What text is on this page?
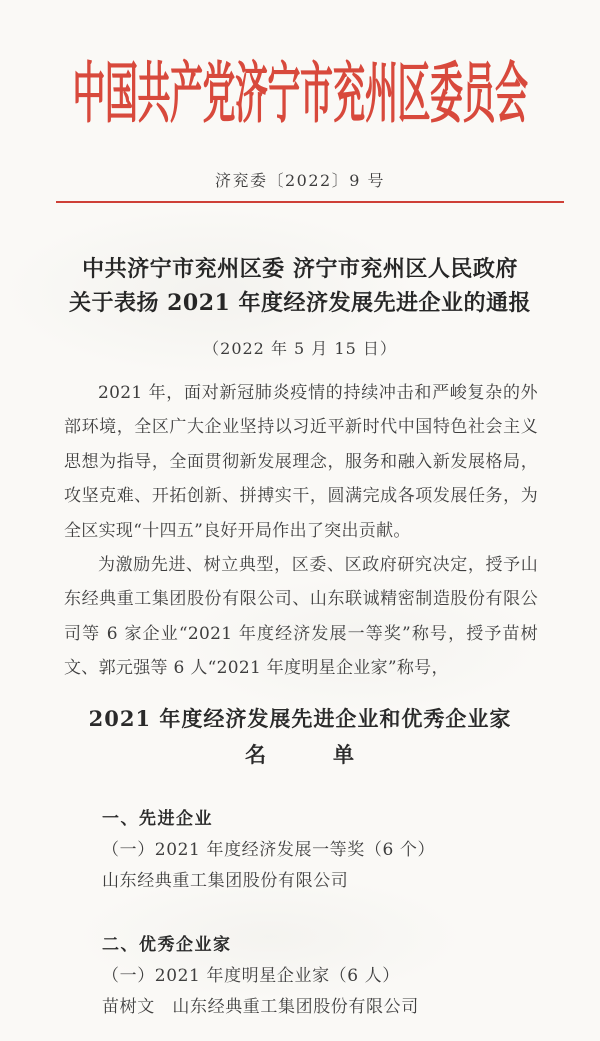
中国共产党济宁市兖州区委员会
济兖委〔2022〕9 号
中共济宁市兖州区委 济宁市兖州区人民政府
关于表扬 2021 年度经济发展先进企业的通报
（2022 年 5 月 15 日）

2021 年，面对新冠肺炎疫情的持续冲击和严峻复杂的外部环境，全区广大企业坚持以习近平新时代中国特色社会主义思想为指导，全面贯彻新发展理念，服务和融入新发展格局，攻坚克难、开拓创新、拼搏实干，圆满完成各项发展任务，为全区实现“十四五”良好开局作出了突出贡献。

为激励先进、树立典型，区委、区政府研究决定，授予山东经典重工集团股份有限公司、山东联诚精密制造股份有限公司等 6 家企业“2021 年度经济发展一等奖”称号，授予苗树文、郭元强等 6 人“2021 年度明星企业家”称号，

2021 年度经济发展先进企业和优秀企业家
名　　　单
一、先进企业
（一）2021 年度经济发展一等奖（6 个）
山东经典重工集团股份有限公司
二、优秀企业家
（一）2021 年度明星企业家（6 人）
苗树文　山东经典重工集团股份有限公司
